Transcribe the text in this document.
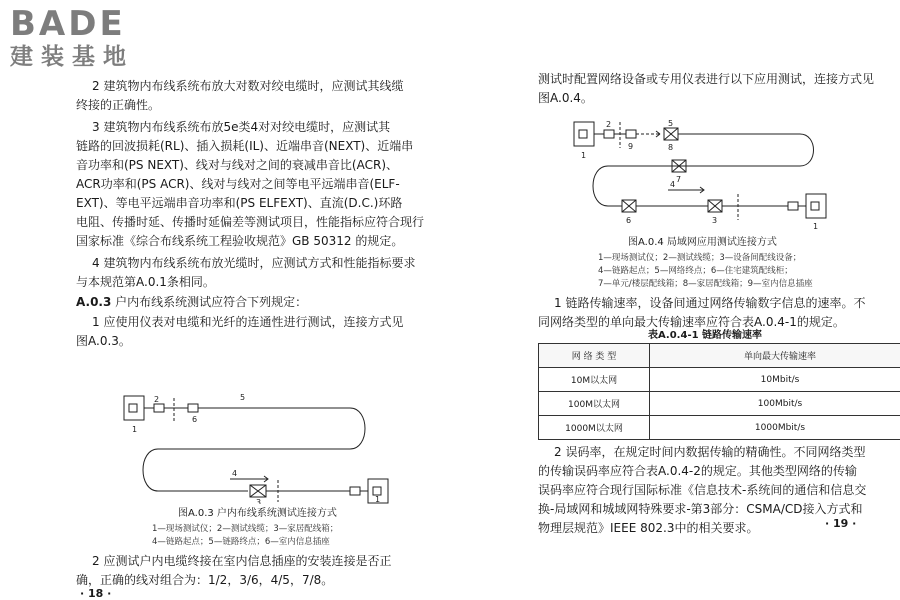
BADE
建装基地
2 建筑物内布线系统布放大对数对绞电缆时，应测试其线缆
终接的正确性。
3 建筑物内布线系统布放5e类4对对绞电缆时，应测试其
链路的回波损耗(RL)、插入损耗(IL)、近端串音(NEXT)、近端串
音功率和(PS NEXT)、线对与线对之间的衰减串音比(ACR)、
ACR功率和(PS ACR)、线对与线对之间等电平远端串音(ELF-
EXT)、等电平远端串音功率和(PS ELFEXT)、直流(D.C.)环路
电阻、传播时延、传播时延偏差等测试项目，性能指标应符合现行
国家标准《综合布线系统工程验收规范》GB 50312 的规定。
4 建筑物内布线系统布放光缆时，应测试方式和性能指标要求
与本规范第A.0.1条相同。
A.0.3 户内布线系统测试应符合下列规定：
1 应使用仪表对电缆和光纤的连通性进行测试，连接方式见
图A.0.3。
1
2
6
5
4
3	1
图A.0.3 户内布线系统测试连接方式
1—现场测试仪；2—测试线缆；3—家居配线箱；
4—链路起点；5—链路终点；6—室内信息插座
2 应测试户内电缆终接在室内信息插座的安装连接是否正
确，正确的线对组合为：1/2，3/6，4/5，7/8。
· 18 ·
测试时配置网络设备或专用仪表进行以下应用测试，连接方式见
图A.0.4。
1
2
9
5
8
7
4
6	3
1
图A.0.4 局域网应用测试连接方式
1—现场测试仪；2—测试线缆；3—设备间配线设备；
4—链路起点；5—网络终点；6—住宅建筑配线柜；
7—单元/楼层配线箱；8—家居配线箱；9—室内信息插座
1 链路传输速率，设备间通过网络传输数字信息的速率。不
同网络类型的单向最大传输速率应符合表A.0.4-1的规定。
表A.0.4-1 链路传输速率
网 络 类 型	单向最大传输速率
10M以太网	10Mbit/s
100M以太网	100Mbit/s
1000M以太网	1000Mbit/s
2 误码率，在规定时间内数据传输的精确性。不同网络类型
的传输误码率应符合表A.0.4-2的规定。其他类型网络的传输
误码率应符合现行国际标准《信息技术-系统间的通信和信息交
换-局域网和城域网特殊要求-第3部分：CSMA/CD接入方式和
物理层规范》IEEE 802.3中的相关要求。	· 19 ·
